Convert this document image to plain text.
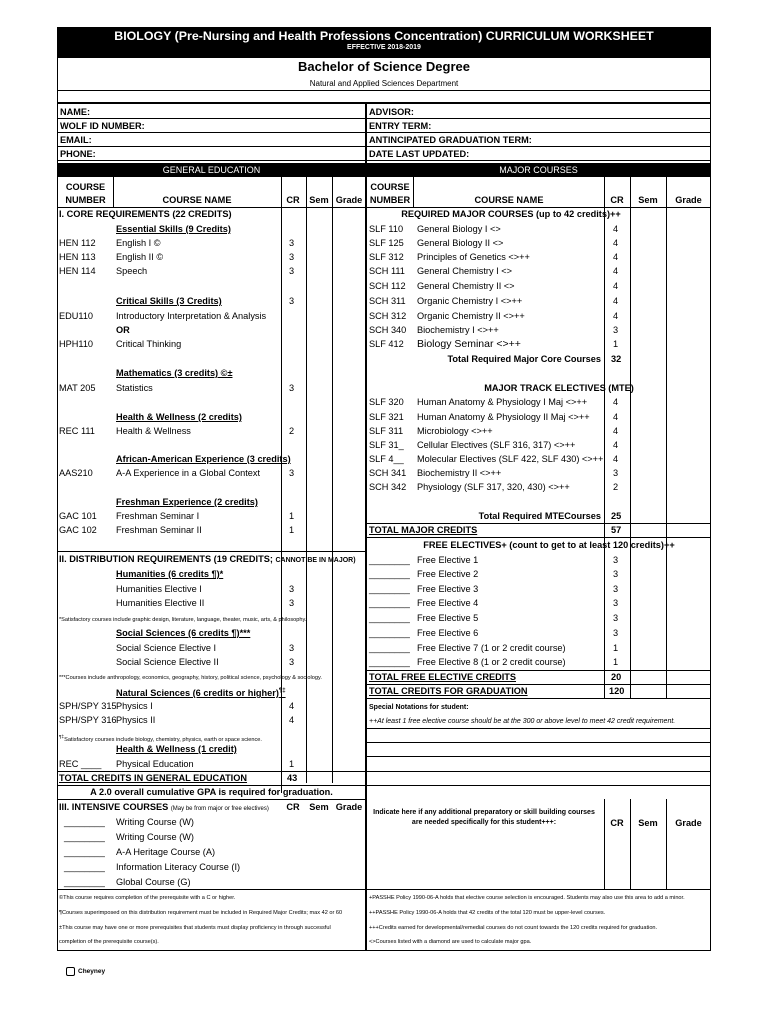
BIOLOGY (Pre-Nursing and Health Professions Concentration) CURRICULUM WORKSHEET
EFFECTIVE 2018-2019
Bachelor of Science Degree
Natural and Applied Sciences Department
NAME:
WOLF ID NUMBER:
EMAIL:
PHONE:
ADVISOR:
ENTRY TERM:
ANTINCIPATED GRADUATION TERM:
DATE LAST UPDATED:
GENERAL EDUCATION	MAJOR COURSES
COURSE
NUMBER	COURSE NAME	CR	Sem Grade
I. CORE REQUIREMENTS (22 CREDITS)
Essential Skills (9 Credits)
HEN 112 English I ©	3
HEN 113 English II ©	3
HEN 114 Speech	3
Critical Skills (3 Credits)	3
EDU110 Introductory Interpretation & Analysis
OR
HPH110 Critical Thinking
Mathematics (3 credits) ©±
MAT 205 Statistics	3
Health & Wellness (2 credits)
REC 111 Health & Wellness	2
African-American Experience (3 credits)
AAS210	A-A Experience in a Global Context	3
Freshman Experience (2 credits)
GAC 101 Freshman Seminar I	1
GAC 102 Freshman Seminar II	1
II. DISTRIBUTION REQUIREMENTS (19 CREDITS; CANNOT BE IN MAJOR)
Humanities (6 credits ¶)*
Humanities Elective I	3
Humanities Elective II	3
*Satisfactory courses include graphic design, literature, language, theater, music, arts, & philosophy.
Social Sciences (6 credits ¶)***
Social Science Elective I	3
Social Science Elective II	3
***Courses include anthropology, economics, geography, history, political science, psychology & sociology.
Natural Sciences (6 credits or higher)¶‡
SPH/SPY 315 Physics I	4
SPH/SPY 316 Physics II	4
¶‡Satisfactory courses include biology, chemistry, physics, earth or space science.
Health & Wellness (1 credit)
REC ____ Physical Education	1
TOTAL CREDITS IN GENERAL EDUCATION	43
A 2.0 overall cumulative GPA is required for graduation.
III. INTENSIVE COURSES (May be from major or free electives)	CR	Sem Grade
________ Writing Course (W)
________ Writing Course (W)
________ A-A Heritage Course (A)
________ Information Literacy Course (I)
________ Global Course (G)
©This course requires completion of the prerequisite with a C or higher.
¶Courses superimposed on this distribution requirement must be included in Required Major Credits; max 42 or 60
±This course may have one or more prerequisites that students must display proficiency in through successful
completion of the prerequisite course(s).
COURSE
NUMBER	COURSE NAME	CR	Sem	Grade
REQUIRED MAJOR COURSES (up to 42 credits)++
SLF 110 General Biology I <>	4
SLF 125 General Biology II <>	4
SLF 312 Principles of Genetics <>++	4
SCH 111 General Chemistry I <>	4
SCH 112 General Chemistry II <>	4
SCH 311 Organic Chemistry I <>++	4
SCH 312 Organic Chemistry II <>++	4
SCH 340 Biochemistry I <>++	3
SLF 412 Biology Seminar <>++	1
Total Required Major Core Courses 32
MAJOR TRACK ELECTIVES (MTE)
SLF 320 Human Anatomy & Physiology I Maj <>++	4
SLF 321 Human Anatomy & Physiology II Maj <>++	4
SLF 311 Microbiology <>++	4
SLF 31_ Cellular Electives (SLF 316, 317) <>++	4
SLF 4__ Molecular Electives (SLF 422, SLF 430) <>++ 4
SCH 341 Biochemistry II <>++	3
SCH 342 Physiology (SLF 317, 320, 430) <>++	2
Total Required MTECourses 25
TOTAL MAJOR CREDITS	57
FREE ELECTIVES+ (count to get to at least 120 credits)++
________ Free Elective 1	3
________ Free Elective 2	3
________ Free Elective 3	3
________ Free Elective 4	3
________ Free Elective 5	3
________ Free Elective 6	3
________ Free Elective 7 (1 or 2 credit course)	1
________ Free Elective 8 (1 or 2 credit course)	1
TOTAL FREE ELECTIVE CREDITS	20
TOTAL CREDITS FOR GRADUATION	120
Special Notations for student:
++At least 1 free elective course should be at the 300 or above level to meet 42 credit requirement.
Indicate here if any additional preparatory or skill building courses are needed specifically for this student+++:	CR	Sem	Grade
+PASSHE Policy 1990-06-A holds that elective course selection is encouraged. Students may also use this area to add a minor.
++PASSHE Policy 1990-06-A holds that 42 credits of the total 120 must be upper-level courses.
+++Credits earned for developmental/remedial courses do not count towards the 120 credits required for graduation.
<>Courses listed with a diamond are used to calculate major gpa.
Cheyney
